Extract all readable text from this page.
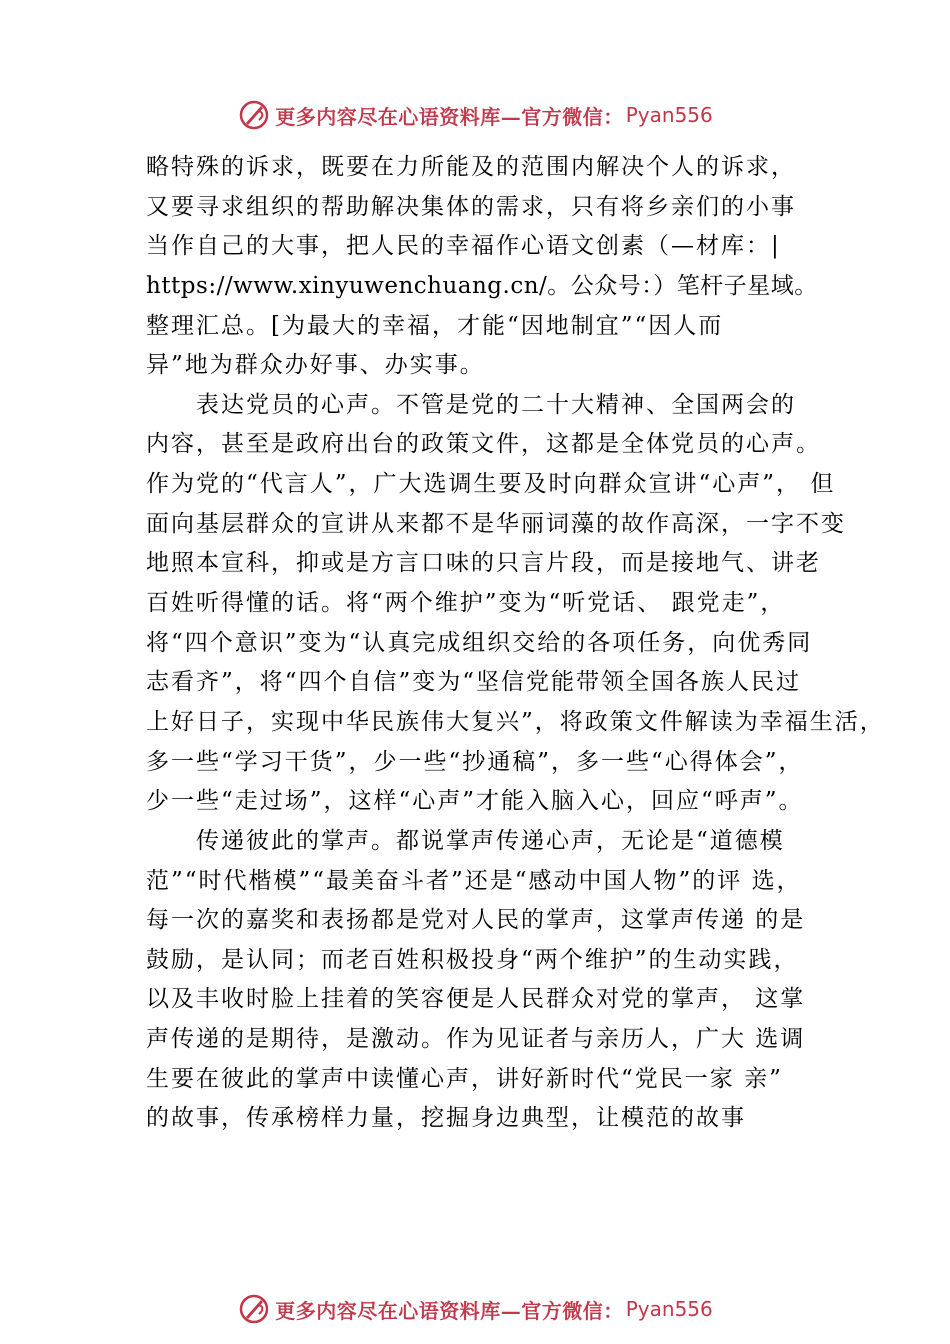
更多内容尽在心语资料库—官方微信： Pyan556
略特殊的诉求，既要在力所能及的范围内解决个人的诉求，
又要寻求组织的帮助解决集体的需求，只有将乡亲们的小事
当作自己的大事，把人民的幸福作心语文创素（—材库：|
https://www.xinyuwenchuang.cn/。公众号：）笔杆子星域。
整理汇总。[为最大的幸福，才能“因地制宜”“因人而
异”地为群众办好事、办实事。
表达党员的心声。不管是党的二十大精神、全国两会的
内容，甚至是政府出台的政策文件，这都是全体党员的心声。
作为党的“代言人”，广大选调生要及时向群众宣讲“心声”， 但
面向基层群众的宣讲从来都不是华丽词藻的故作高深，一字不变
地照本宣科，抑或是方言口味的只言片段，而是接地气、讲老
百姓听得懂的话。将“两个维护”变为“听党话、 跟党走”，
将“四个意识”变为“认真完成组织交给的各项任务，向优秀同
志看齐”，将“四个自信”变为“坚信党能带领全国各族人民过
上好日子，实现中华民族伟大复兴”，将政策文件解读为幸福生活，
多一些“学习干货”，少一些“抄通稿”，多一些“心得体会”，
少一些“走过场”，这样“心声”才能入脑入心，回应“呼声”。
传递彼此的掌声。都说掌声传递心声，无论是“道德模
范”“时代楷模”“最美奋斗者”还是“感动中国人物”的评 选，
每一次的嘉奖和表扬都是党对人民的掌声，这掌声传递 的是
鼓励，是认同；而老百姓积极投身“两个维护”的生动实践，
以及丰收时脸上挂着的笑容便是人民群众对党的掌声， 这掌
声传递的是期待，是激动。作为见证者与亲历人，广大 选调
生要在彼此的掌声中读懂心声，讲好新时代“党民一家 亲”
的故事，传承榜样力量，挖掘身边典型，让模范的故事
更多内容尽在心语资料库—官方微信： Pyan556
